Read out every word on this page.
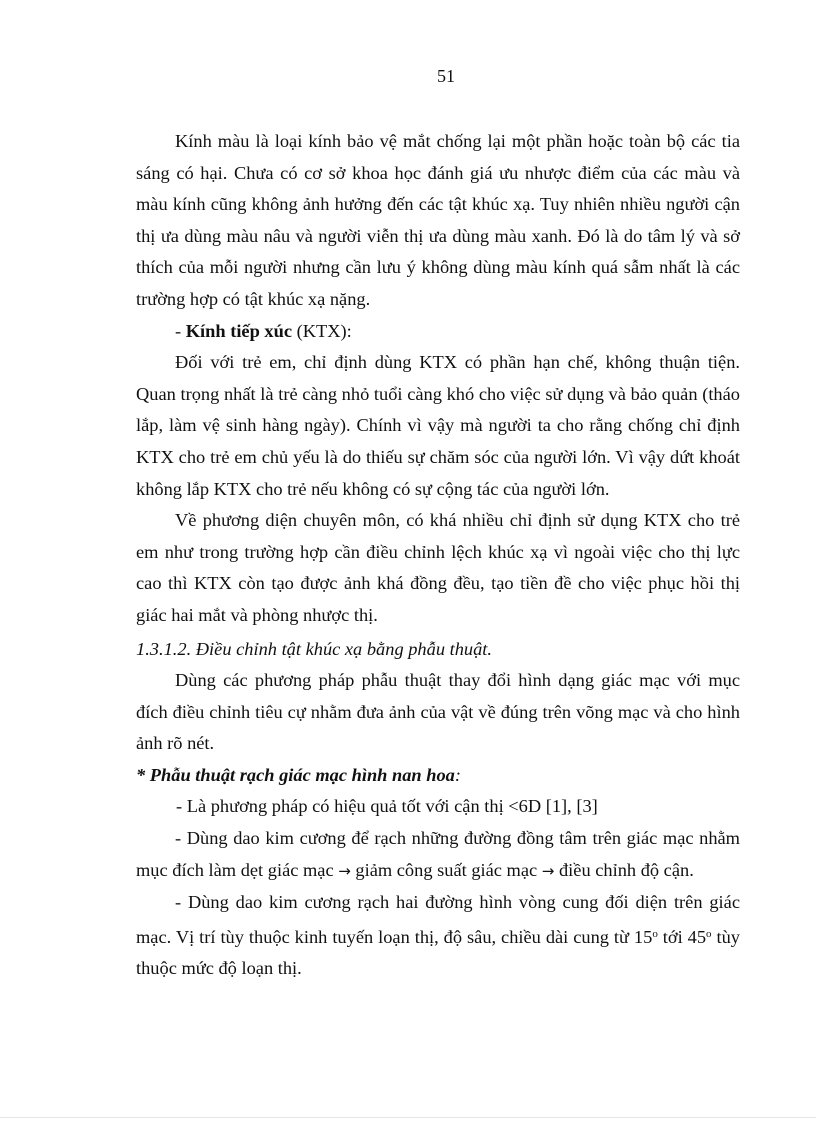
51

Kính màu là loại kính bảo vệ mắt chống lại một phần hoặc toàn bộ các tia sáng có hại. Chưa có cơ sở khoa học đánh giá ưu nhược điểm của các màu và màu kính cũng không ảnh hưởng đến các tật khúc xạ. Tuy nhiên nhiều người cận thị ưa dùng màu nâu và người viễn thị ưa dùng màu xanh. Đó là do tâm lý và sở thích của mỗi người nhưng cần lưu ý không dùng màu kính quá sẫm nhất là các trường hợp có tật khúc xạ nặng.

- Kính tiếp xúc (KTX):

Đối với trẻ em, chỉ định dùng KTX có phần hạn chế, không thuận tiện. Quan trọng nhất là trẻ càng nhỏ tuổi càng khó cho việc sử dụng và bảo quản (tháo lắp, làm vệ sinh hàng ngày). Chính vì vậy mà người ta cho rằng chống chỉ định KTX cho trẻ em chủ yếu là do thiếu sự chăm sóc của người lớn. Vì vậy dứt khoát không lắp KTX cho trẻ nếu không có sự cộng tác của người lớn.

Về phương diện chuyên môn, có khá nhiều chỉ định sử dụng KTX cho trẻ em như trong trường hợp cần điều chỉnh lệch khúc xạ vì ngoài việc cho thị lực cao thì KTX còn tạo được ảnh khá đồng đều, tạo tiền đề cho việc phục hồi thị giác hai mắt và phòng nhược thị.

1.3.1.2. Điều chỉnh tật khúc xạ bằng phẫu thuật.

Dùng các phương pháp phẫu thuật thay đổi hình dạng giác mạc với mục đích điều chỉnh tiêu cự nhằm đưa ảnh của vật về đúng trên võng mạc và cho hình ảnh rõ nét.

* Phẫu thuật rạch giác mạc hình nan hoa:

- Là phương pháp có hiệu quả tốt với cận thị <6D [1], [3]

- Dùng dao kim cương để rạch những đường đồng tâm trên giác mạc nhằm mục đích làm dẹt giác mạc → giảm công suất giác mạc → điều chỉnh độ cận.

- Dùng dao kim cương rạch hai đường hình vòng cung đối diện trên giác mạc. Vị trí tùy thuộc kinh tuyến loạn thị, độ sâu, chiều dài cung từ 15$^o$ tới 45$^o$ tùy thuộc mức độ loạn thị.
